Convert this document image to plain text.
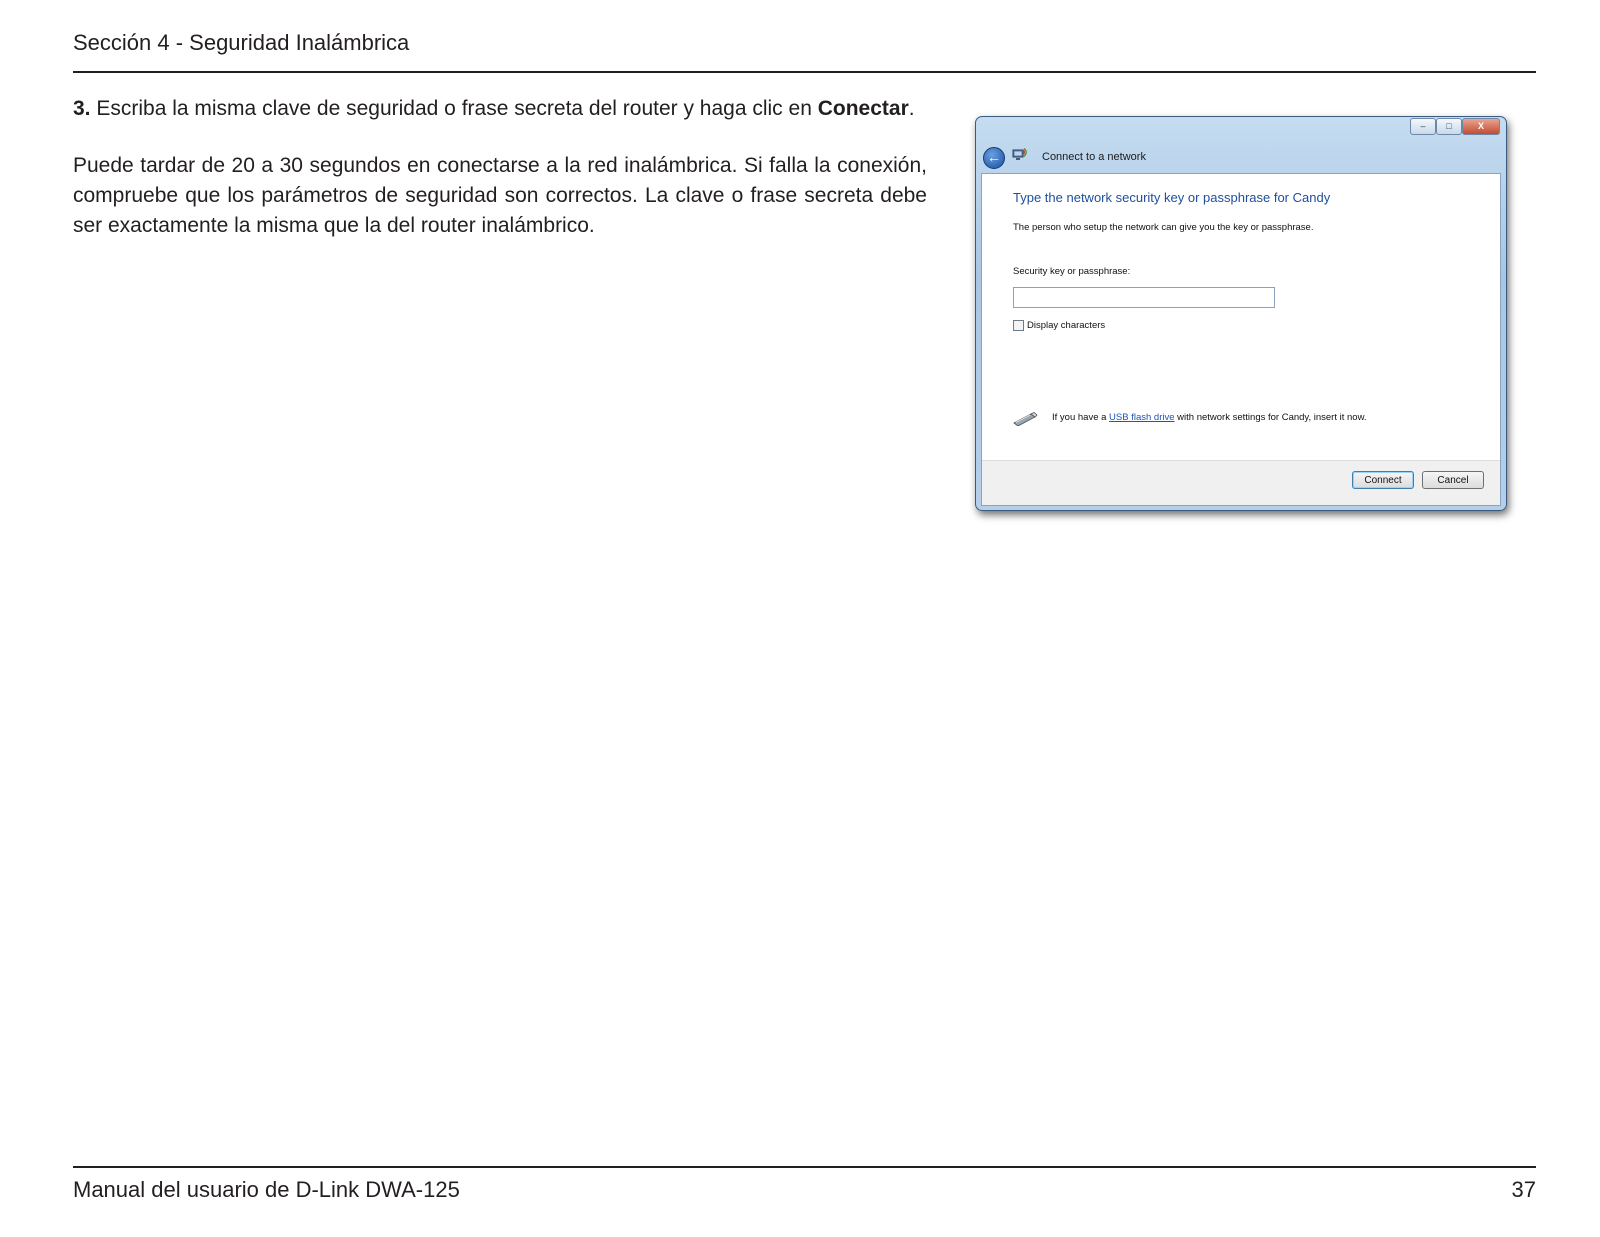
Sección 4 - Seguridad Inalámbrica
3. Escriba la misma clave de seguridad o frase secreta del router y haga clic en Conectar.
Puede tardar de 20 a 30 segundos en conectarse a la red inalámbrica. Si falla la conexión, compruebe que los parámetros de seguridad son correctos. La clave o frase secreta debe ser exactamente la misma que la del router inalámbrico.
–	□	X
←	Connect to a network
Type the network security key or passphrase for Candy
The person who setup the network can give you the key or passphrase.
Security key or passphrase:
Display characters
If you have a USB flash drive with network settings for Candy, insert it now.
Connect	Cancel
Manual del usuario de D-Link DWA-125	37
